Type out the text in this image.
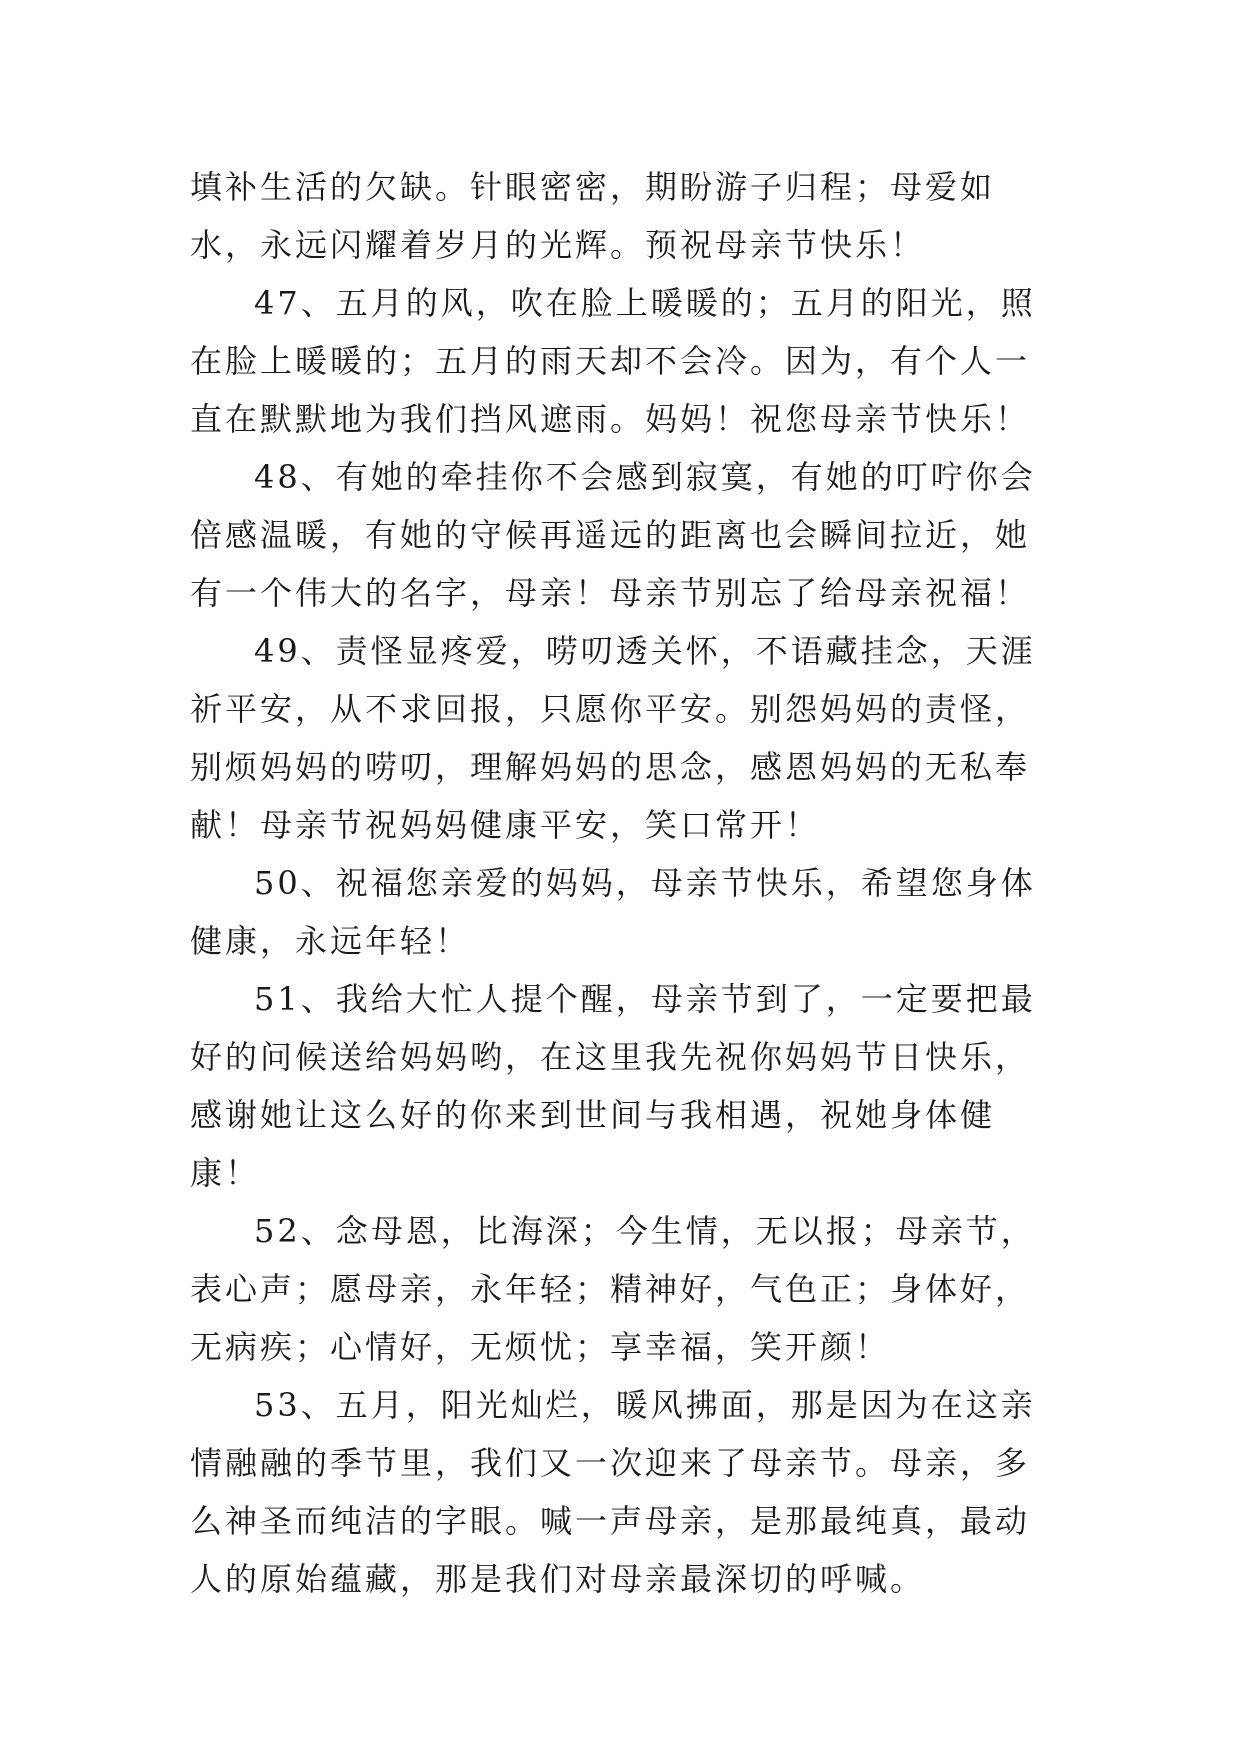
填补生活的欠缺。针眼密密，期盼游子归程；母爱如水，永远闪耀着岁月的光辉。预祝母亲节快乐！

47、五月的风，吹在脸上暖暖的；五月的阳光，照在脸上暖暖的；五月的雨天却不会冷。因为，有个人一直在默默地为我们挡风遮雨。妈妈！祝您母亲节快乐！

48、有她的牵挂你不会感到寂寞，有她的叮咛你会倍感温暖，有她的守候再遥远的距离也会瞬间拉近，她有一个伟大的名字，母亲！母亲节别忘了给母亲祝福！

49、责怪显疼爱，唠叨透关怀，不语藏挂念，天涯祈平安，从不求回报，只愿你平安。别怨妈妈的责怪，别烦妈妈的唠叨，理解妈妈的思念，感恩妈妈的无私奉献！母亲节祝妈妈健康平安，笑口常开！

50、祝福您亲爱的妈妈，母亲节快乐，希望您身体健康，永远年轻！

51、我给大忙人提个醒，母亲节到了，一定要把最好的问候送给妈妈哟，在这里我先祝你妈妈节日快乐，感谢她让这么好的你来到世间与我相遇，祝她身体健康！

52、念母恩，比海深；今生情，无以报；母亲节，表心声；愿母亲，永年轻；精神好，气色正；身体好，无病疾；心情好，无烦忧；享幸福，笑开颜！

53、五月，阳光灿烂，暖风拂面，那是因为在这亲情融融的季节里，我们又一次迎来了母亲节。母亲，多么神圣而纯洁的字眼。喊一声母亲，是那最纯真，最动人的原始蕴藏，那是我们对母亲最深切的呼喊。
